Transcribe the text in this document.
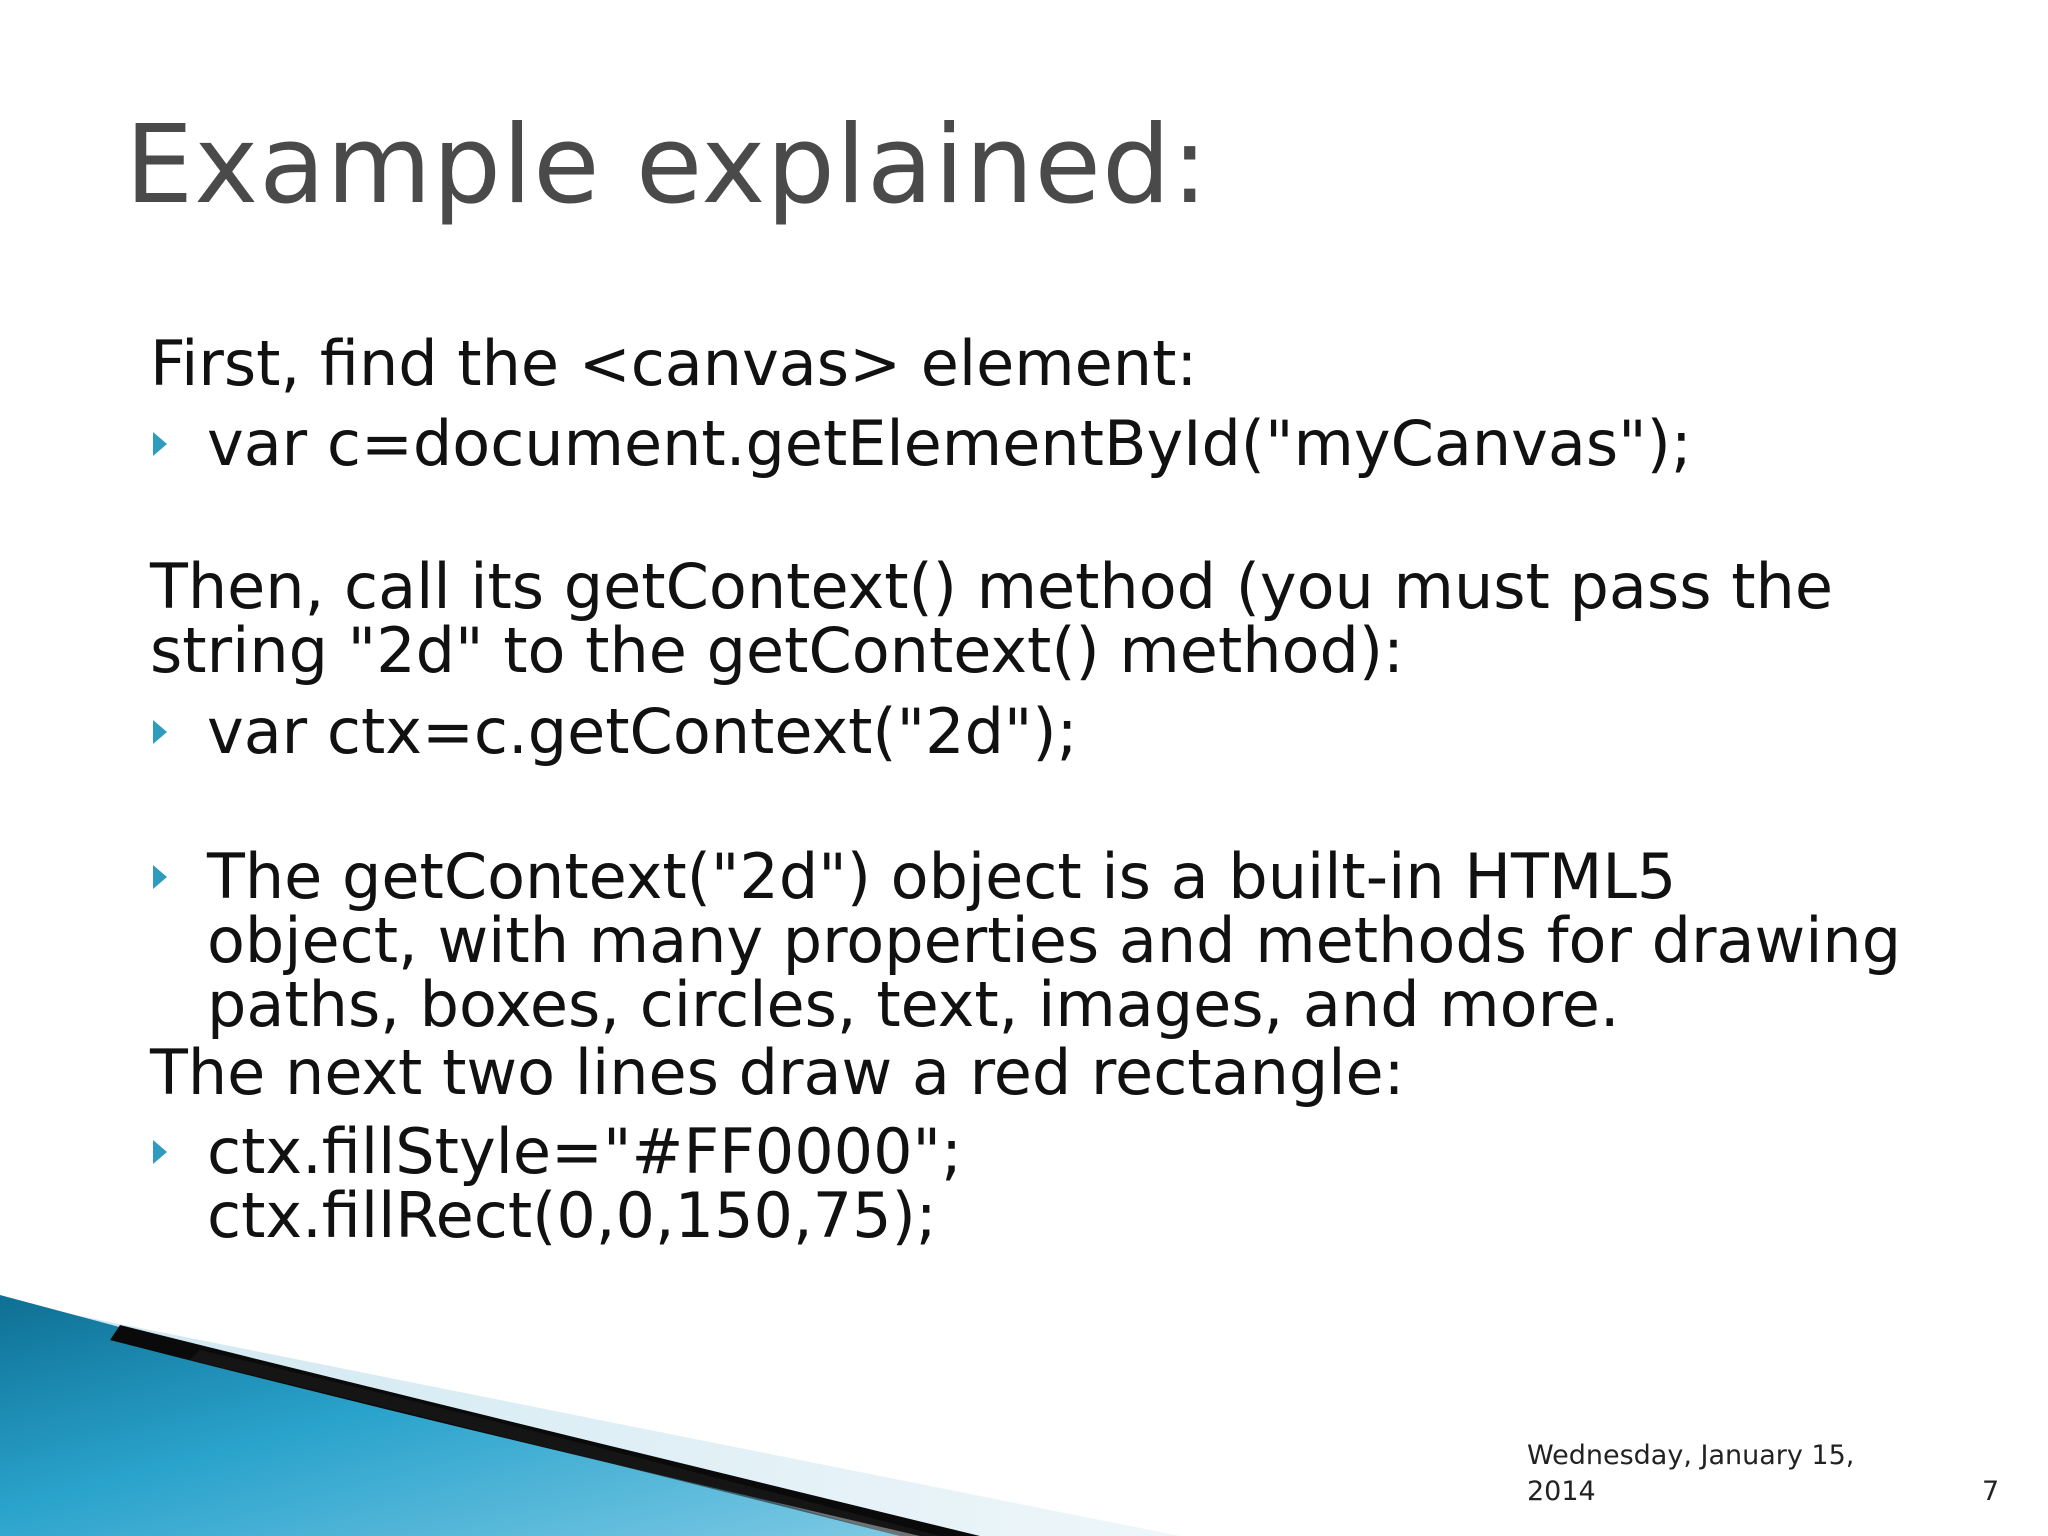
Example explained:
First, find the <canvas> element:
var c=document.getElementById("myCanvas");
Then, call its getContext() method (you must pass the
string "2d" to the getContext() method):
var ctx=c.getContext("2d");
The getContext("2d") object is a built-in HTML5
object, with many properties and methods for drawing
paths, boxes, circles, text, images, and more.
The next two lines draw a red rectangle:
ctx.fillStyle="#FF0000";
ctx.fillRect(0,0,150,75);
Wednesday, January 15, 2014	7
